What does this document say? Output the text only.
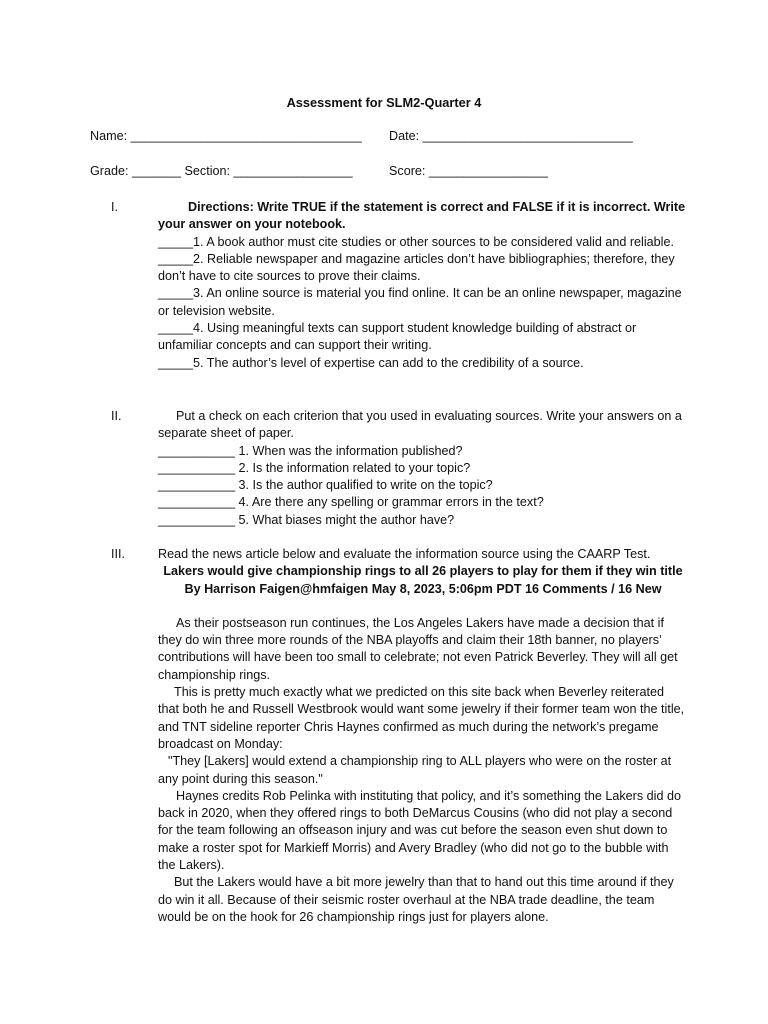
Assessment for SLM2-Quarter 4
Name: _________________________________ Date: ______________________________
Grade: _______ Section: _________________	Score: _________________
I.	Directions: Write TRUE if the statement is correct and FALSE if it is incorrect. Write your answer on your notebook.

_____1. A book author must cite studies or other sources to be considered valid and reliable.

_____2. Reliable newspaper and magazine articles don’t have bibliographies; therefore, they don’t have to cite sources to prove their claims.

_____3. An online source is material you find online. It can be an online newspaper, magazine or television website.

_____4. Using meaningful texts can support student knowledge building of abstract or unfamiliar concepts and can support their writing.

_____5. The author’s level of expertise can add to the credibility of a source.

II.	Put a check on each criterion that you used in evaluating sources. Write your answers on a separate sheet of paper.

___________ 1. When was the information published?

___________ 2. Is the information related to your topic?

___________ 3. Is the author qualified to write on the topic?

___________ 4. Are there any spelling or grammar errors in the text?

___________ 5. What biases might the author have?

III.	Read the news article below and evaluate the information source using the CAARP Test.

Lakers would give championship rings to all 26 players to play for them if they win title

By Harrison Faigen@hmfaigen May 8, 2023, 5:06pm PDT 16 Comments / 16 New

As their postseason run continues, the Los Angeles Lakers have made a decision that if they do win three more rounds of the NBA playoffs and claim their 18th banner, no players’ contributions will have been too small to celebrate; not even Patrick Beverley. They will all get championship rings.

This is pretty much exactly what we predicted on this site back when Beverley reiterated that both he and Russell Westbrook would want some jewelry if their former team won the title, and TNT sideline reporter Chris Haynes confirmed as much during the network’s pregame broadcast on Monday:

"They [Lakers] would extend a championship ring to ALL players who were on the roster at any point during this season."

Haynes credits Rob Pelinka with instituting that policy, and it’s something the Lakers did do back in 2020, when they offered rings to both DeMarcus Cousins (who did not play a second for the team following an offseason injury and was cut before the season even shut down to make a roster spot for Markieff Morris) and Avery Bradley (who did not go to the bubble with the Lakers).

But the Lakers would have a bit more jewelry than that to hand out this time around if they do win it all. Because of their seismic roster overhaul at the NBA trade deadline, the team would be on the hook for 26 championship rings just for players alone.
